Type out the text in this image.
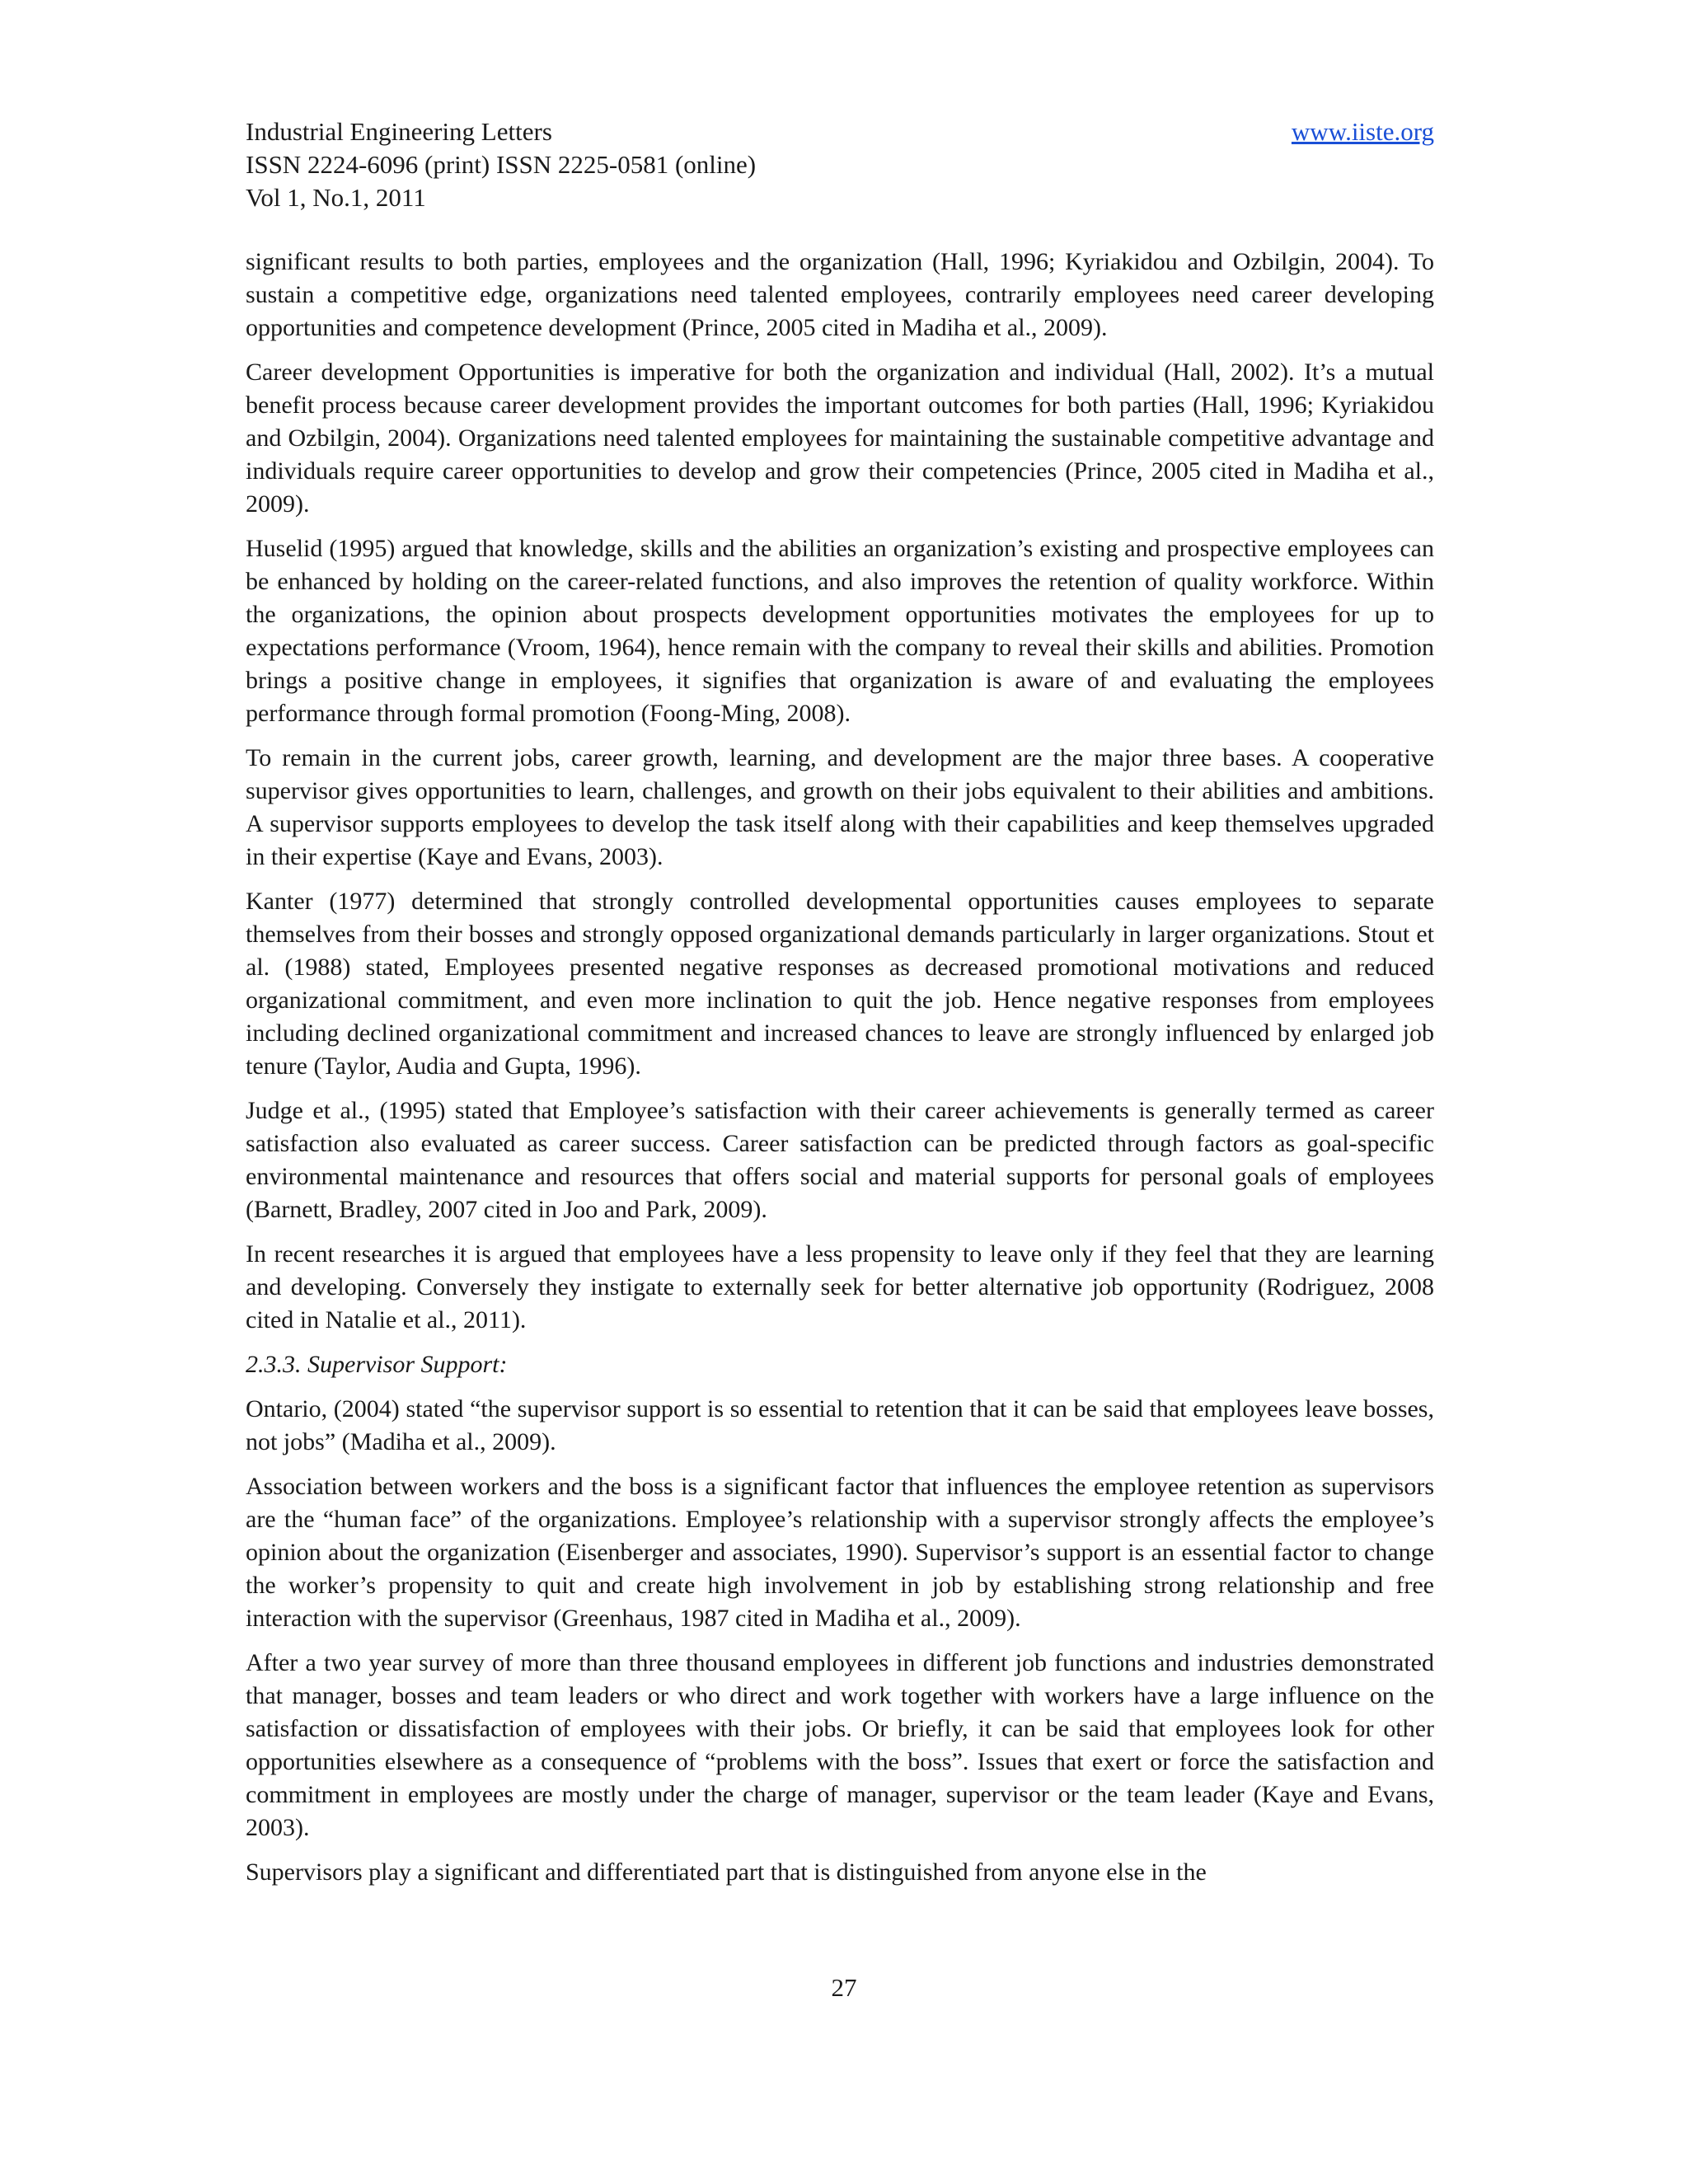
Industrial Engineering Letters
ISSN 2224-6096 (print) ISSN 2225-0581 (online)
Vol 1, No.1, 2011
www.iiste.org

significant results to both parties, employees and the organization (Hall, 1996; Kyriakidou and Ozbilgin, 2004). To sustain a competitive edge, organizations need talented employees, contrarily employees need career developing opportunities and competence development (Prince, 2005 cited in Madiha et al., 2009).

Career development Opportunities is imperative for both the organization and individual (Hall, 2002). It’s a mutual benefit process because career development provides the important outcomes for both parties (Hall, 1996; Kyriakidou and Ozbilgin, 2004). Organizations need talented employees for maintaining the sustainable competitive advantage and individuals require career opportunities to develop and grow their competencies (Prince, 2005 cited in Madiha et al., 2009).

Huselid (1995) argued that knowledge, skills and the abilities an organization’s existing and prospective employees can be enhanced by holding on the career-related functions, and also improves the retention of quality workforce. Within the organizations, the opinion about prospects development opportunities motivates the employees for up to expectations performance (Vroom, 1964), hence remain with the company to reveal their skills and abilities. Promotion brings a positive change in employees, it signifies that organization is aware of and evaluating the employees performance through formal promotion (Foong-Ming, 2008).

To remain in the current jobs, career growth, learning, and development are the major three bases. A cooperative supervisor gives opportunities to learn, challenges, and growth on their jobs equivalent to their abilities and ambitions. A supervisor supports employees to develop the task itself along with their capabilities and keep themselves upgraded in their expertise (Kaye and Evans, 2003).

Kanter (1977) determined that strongly controlled developmental opportunities causes employees to separate themselves from their bosses and strongly opposed organizational demands particularly in larger organizations. Stout et al. (1988) stated, Employees presented negative responses as decreased promotional motivations and reduced organizational commitment, and even more inclination to quit the job. Hence negative responses from employees including declined organizational commitment and increased chances to leave are strongly influenced by enlarged job tenure (Taylor, Audia and Gupta, 1996).

Judge et al., (1995) stated that Employee’s satisfaction with their career achievements is generally termed as career satisfaction also evaluated as career success. Career satisfaction can be predicted through factors as goal-specific environmental maintenance and resources that offers social and material supports for personal goals of employees (Barnett, Bradley, 2007 cited in Joo and Park, 2009).

In recent researches it is argued that employees have a less propensity to leave only if they feel that they are learning and developing. Conversely they instigate to externally seek for better alternative job opportunity (Rodriguez, 2008 cited in Natalie et al., 2011).

2.3.3. Supervisor Support:

Ontario, (2004) stated “the supervisor support is so essential to retention that it can be said that employees leave bosses, not jobs” (Madiha et al., 2009).

Association between workers and the boss is a significant factor that influences the employee retention as supervisors are the “human face” of the organizations. Employee’s relationship with a supervisor strongly affects the employee’s opinion about the organization (Eisenberger and associates, 1990). Supervisor’s support is an essential factor to change the worker’s propensity to quit and create high involvement in job by establishing strong relationship and free interaction with the supervisor (Greenhaus, 1987 cited in Madiha et al., 2009).

After a two year survey of more than three thousand employees in different job functions and industries demonstrated that manager, bosses and team leaders or who direct and work together with workers have a large influence on the satisfaction or dissatisfaction of employees with their jobs. Or briefly, it can be said that employees look for other opportunities elsewhere as a consequence of “problems with the boss”. Issues that exert or force the satisfaction and commitment in employees are mostly under the charge of manager, supervisor or the team leader (Kaye and Evans, 2003).

Supervisors play a significant and differentiated part that is distinguished from anyone else in the

27
